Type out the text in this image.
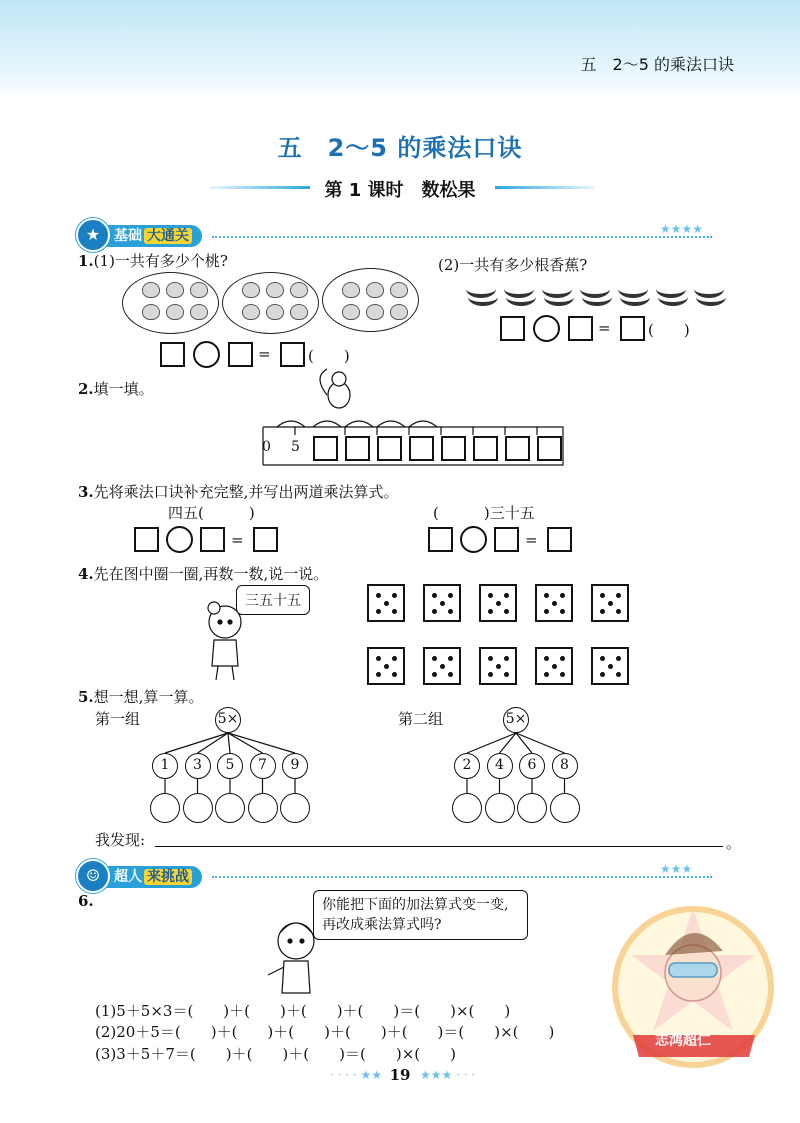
五　2～5 的乘法口诀
五　2～5 的乘法口诀
第 1 课时　数松果
基础 大通关
★	★★★★
1.(1)一共有多少个桃?	(2)一共有多少根香蕉?
= (　　)
= (　　)
2.填一填。
0 5
3.先将乘法口诀补充完整,并写出两道乘法算式。
四五(　　　)	(　　　)三十五
=	=
4.先在图中圈一圈,再数一数,说一说。
三五十五
5.想一想,算一算。
第一组	第二组
5×
1	3	5	7	9
5×
2	4	6	8
我发现:	。
超人 来挑战
☺	★★★
6.	你能把下面的加法算式变一变,再改成乘法算式吗?
(1)5＋5×3＝(　　)＋(　　)＋(　　)＋(　　)＝(　　)×(　　)
(2)20＋5＝(　　)＋(　　)＋(　　)＋(　　)＋(　　)＝(　　)×(　　)
(3)3＋5＋7＝(　　)＋(　　)＋(　　)＝(　　)×(　　)
志鸿超仁
· · · · ★★ 19 ★★★ · · ·
